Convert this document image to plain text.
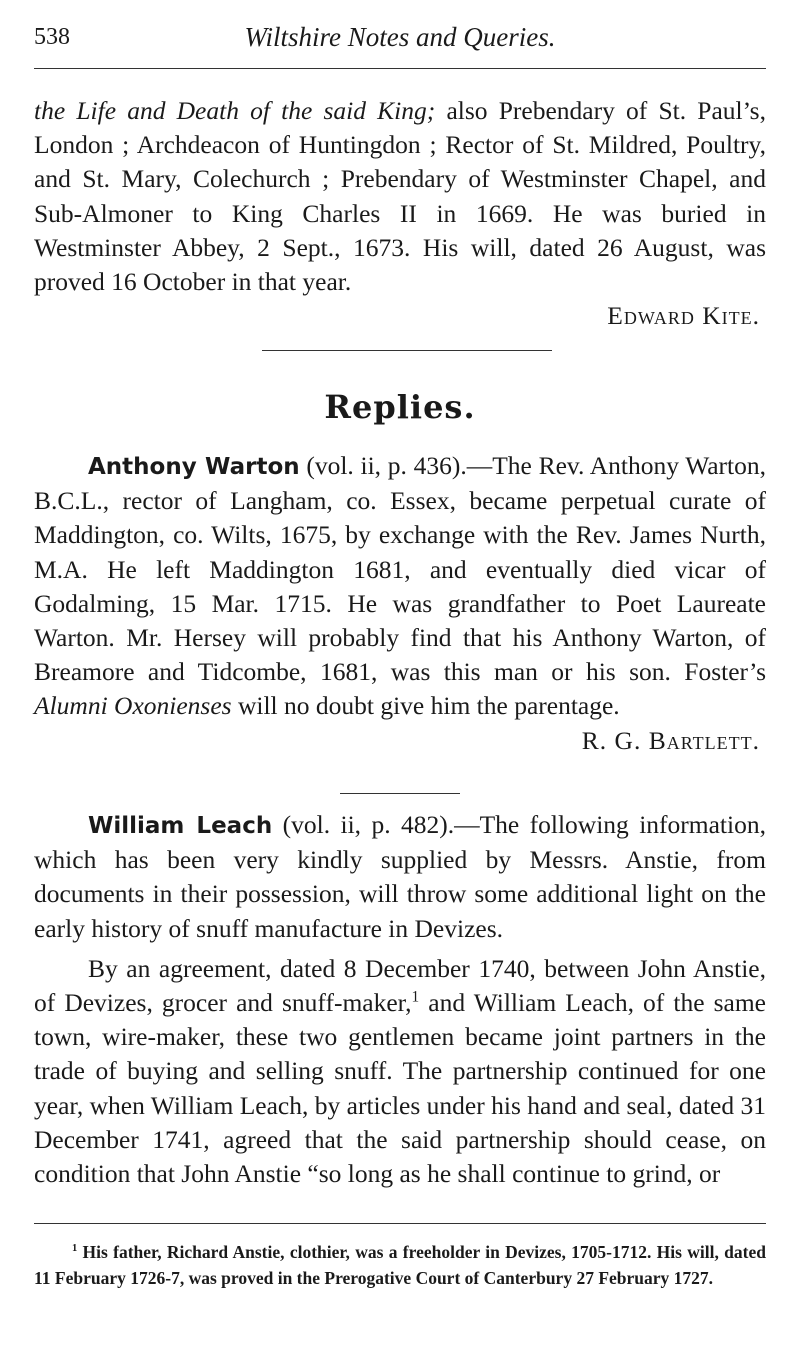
538	Wiltshire Notes and Queries.

the Life and Death of the said King; also Prebendary of St. Paul’s, London ; Archdeacon of Huntingdon ; Rector of St. Mildred, Poultry, and St. Mary, Colechurch ; Prebendary of Westminster Chapel, and Sub-Almoner to King Charles II in 1669. He was buried in Westminster Abbey, 2 Sept., 1673. His will, dated 26 August, was proved 16 October in that year.

Edward Kite.
Replies.

Anthony Warton (vol. ii, p. 436).—The Rev. Anthony Warton, B.C.L., rector of Langham, co. Essex, became perpetual curate of Maddington, co. Wilts, 1675, by exchange with the Rev. James Nurth, M.A. He left Maddington 1681, and eventually died vicar of Godalming, 15 Mar. 1715. He was grandfather to Poet Laureate Warton. Mr. Hersey will probably find that his Anthony Warton, of Breamore and Tidcombe, 1681, was this man or his son. Foster’s Alumni Oxonienses will no doubt give him the parentage.

R. G. Bartlett.

William Leach (vol. ii, p. 482).—The following information, which has been very kindly supplied by Messrs. Anstie, from documents in their possession, will throw some additional light on the early history of snuff manufacture in Devizes.

By an agreement, dated 8 December 1740, between John Anstie, of Devizes, grocer and snuff-maker,$^1$ and William Leach, of the same town, wire-maker, these two gentlemen became joint partners in the trade of buying and selling snuff. The partnership continued for one year, when William Leach, by articles under his hand and seal, dated 31 December 1741, agreed that the said partnership should cease, on condition that John Anstie “so long as he shall continue to grind, or

$^1$ His father, Richard Anstie, clothier, was a freeholder in Devizes, 1705-1712. His will, dated 11 February 1726-7, was proved in the Prerogative Court of Canterbury 27 February 1727.
